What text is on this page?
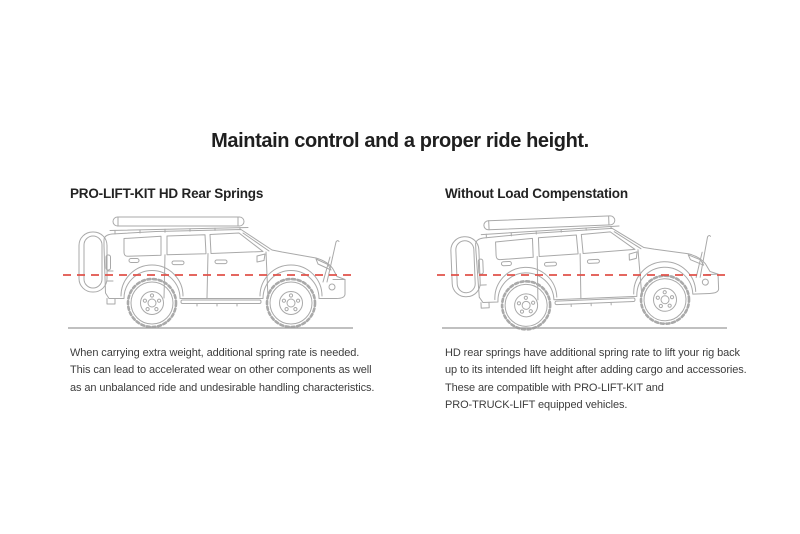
Maintain control and a proper ride height.
PRO-LIFT-KIT HD Rear Springs	Without Load Compenstation
When carrying extra weight, additional spring rate is needed.
This can lead to accelerated wear on other components as well
as an unbalanced ride and undesirable handling characteristics.
HD rear springs have additional spring rate to lift your rig back
up to its intended lift height after adding cargo and accessories.
These are compatible with PRO-LIFT-KIT and
PRO-TRUCK-LIFT equipped vehicles.
